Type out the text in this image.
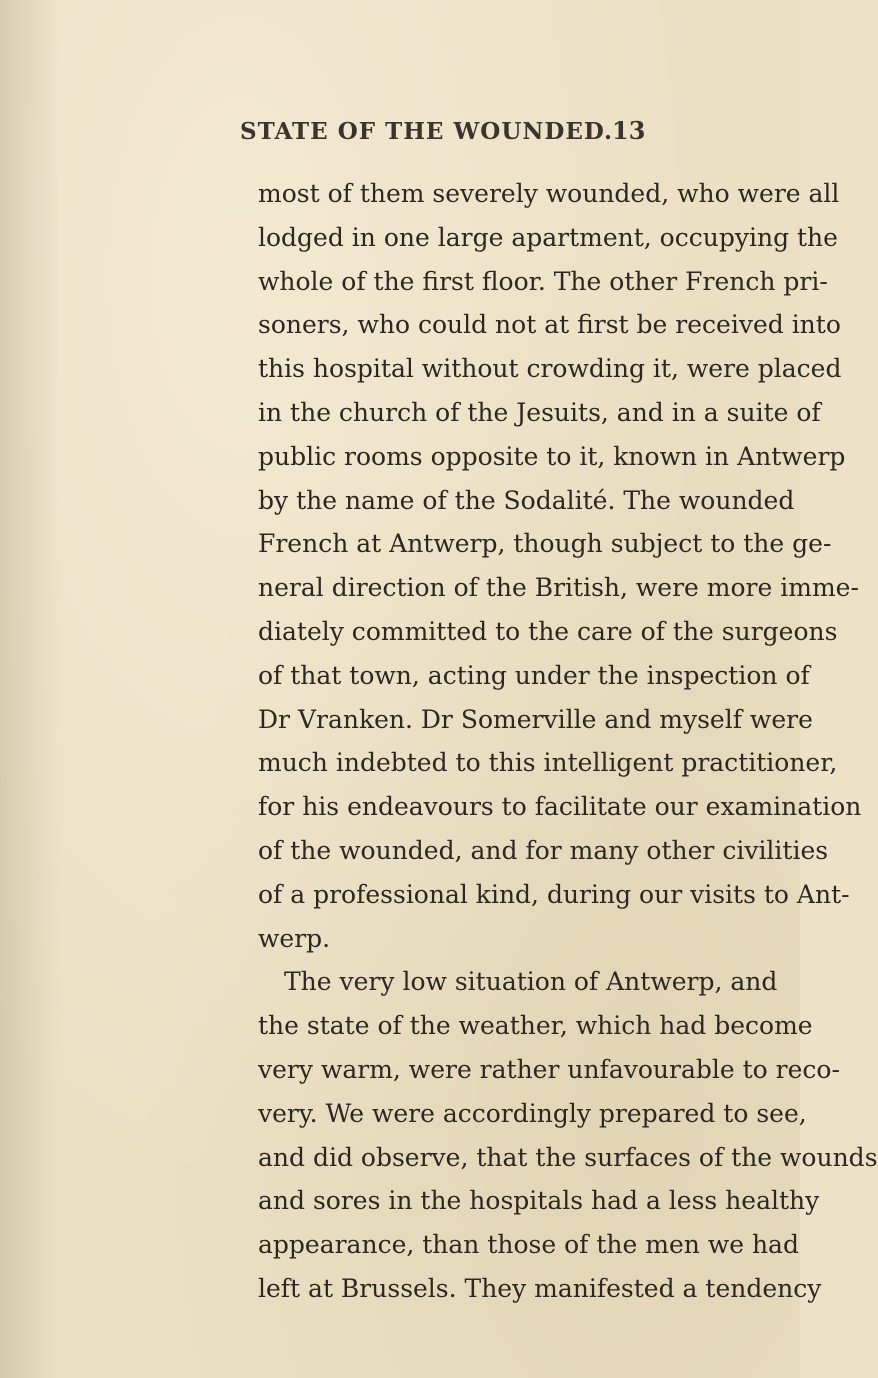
STATE OF THE WOUNDED.
13
most of them severely wounded, who were all
lodged in one large apartment, occupying the
whole of the first floor. The other French pri-
soners, who could not at first be received into
this hospital without crowding it, were placed
in the church of the Jesuits, and in a suite of
public rooms opposite to it, known in Antwerp
by the name of the Sodalité. The wounded
French at Antwerp, though subject to the ge-
neral direction of the British, were more imme-
diately committed to the care of the surgeons
of that town, acting under the inspection of
Dr Vranken. Dr Somerville and myself were
much indebted to this intelligent practitioner,
for his endeavours to facilitate our examination
of the wounded, and for many other civilities
of a professional kind, during our visits to Ant-
werp.
The very low situation of Antwerp, and
the state of the weather, which had become
very warm, were rather unfavourable to reco-
very. We were accordingly prepared to see,
and did observe, that the surfaces of the wounds
and sores in the hospitals had a less healthy
appearance, than those of the men we had
left at Brussels. They manifested a tendency
